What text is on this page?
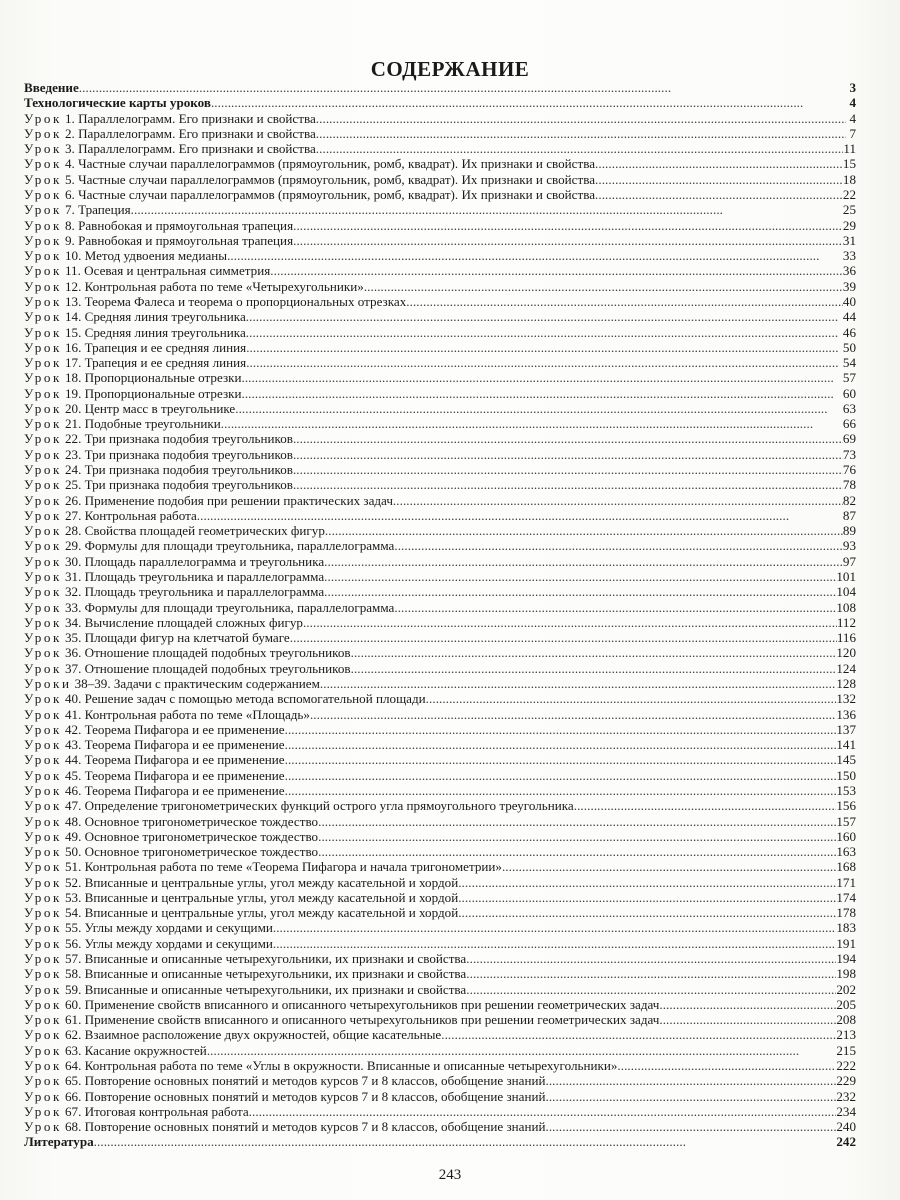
СОДЕРЖАНИЕ
Введение . . .	3
Технологические карты уроков . . .	4
Урок 1. Параллелограмм. Его признаки и свойства . . .	4
Урок 2. Параллелограмм. Его признаки и свойства . . .	7
Урок 3. Параллелограмм. Его признаки и свойства . . .	11
Урок 4. Частные случаи параллелограммов (прямоугольник, ромб, квадрат). Их признаки и свойства . . .	15
Урок 5. Частные случаи параллелограммов (прямоугольник, ромб, квадрат). Их признаки и свойства . . .	18
Урок 6. Частные случаи параллелограммов (прямоугольник, ромб, квадрат). Их признаки и свойства . . .	22
Урок 7. Трапеция . . .	25
Урок 8. Равнобокая и прямоугольная трапеция . . .	29
Урок 9. Равнобокая и прямоугольная трапеция . . .	31
Урок 10. Метод удвоения медианы . . .	33
Урок 11. Осевая и центральная симметрия . . .	36
Урок 12. Контрольная работа по теме «Четырехугольники» . . .	39
Урок 13. Теорема Фалеса и теорема о пропорциональных отрезках . . .	40
Урок 14. Средняя линия треугольника . . .	44
Урок 15. Средняя линия треугольника . . .	46
Урок 16. Трапеция и ее средняя линия . . .	50
Урок 17. Трапеция и ее средняя линия . . .	54
Урок 18. Пропорциональные отрезки . . .	57
Урок 19. Пропорциональные отрезки . . .	60
Урок 20. Центр масс в треугольнике . . .	63
Урок 21. Подобные треугольники . . .	66
Урок 22. Три признака подобия треугольников . . .	69
Урок 23. Три признака подобия треугольников . . .	73
Урок 24. Три признака подобия треугольников . . .	76
Урок 25. Три признака подобия треугольников . . .	78
Урок 26. Применение подобия при решении практических задач . . .	82
Урок 27. Контрольная работа . . .	87
Урок 28. Свойства площадей геометрических фигур . . .	89
Урок 29. Формулы для площади треугольника, параллелограмма . . .	93
Урок 30. Площадь параллелограмма и треугольника . . .	97
Урок 31. Площадь треугольника и параллелограмма . . .	101
Урок 32. Площадь треугольника и параллелограмма . . .	104
Урок 33. Формулы для площади треугольника, параллелограмма . . .	108
Урок 34. Вычисление площадей сложных фигур . . .	112
Урок 35. Площади фигур на клетчатой бумаге . . .	116
Урок 36. Отношение площадей подобных треугольников . . .	120
Урок 37. Отношение площадей подобных треугольников . . .	124
Уроки 38–39. Задачи с практическим содержанием . . .	128
Урок 40. Решение задач с помощью метода вспомогательной площади . . .	132
Урок 41. Контрольная работа по теме «Площадь» . . .	136
Урок 42. Теорема Пифагора и ее применение . . .	137
Урок 43. Теорема Пифагора и ее применение . . .	141
Урок 44. Теорема Пифагора и ее применение . . .	145
Урок 45. Теорема Пифагора и ее применение . . .	150
Урок 46. Теорема Пифагора и ее применение . . .	153
Урок 47. Определение тригонометрических функций острого угла прямоугольного треугольника . . .	156
Урок 48. Основное тригонометрическое тождество . . .	157
Урок 49. Основное тригонометрическое тождество . . .	160
Урок 50. Основное тригонометрическое тождество . . .	163
Урок 51. Контрольная работа по теме «Теорема Пифагора и начала тригонометрии» . . .	168
Урок 52. Вписанные и центральные углы, угол между касательной и хордой . . .	171
Урок 53. Вписанные и центральные углы, угол между касательной и хордой . . .	174
Урок 54. Вписанные и центральные углы, угол между касательной и хордой . . .	178
Урок 55. Углы между хордами и секущими . . .	183
Урок 56. Углы между хордами и секущими . . .	191
Урок 57. Вписанные и описанные четырехугольники, их признаки и свойства . . .	194
Урок 58. Вписанные и описанные четырехугольники, их признаки и свойства . . .	198
Урок 59. Вписанные и описанные четырехугольники, их признаки и свойства . . .	202
Урок 60. Применение свойств вписанного и описанного четырехугольников при решении геометрических задач . . .	205
Урок 61. Применение свойств вписанного и описанного четырехугольников при решении геометрических задач . . .	208
Урок 62. Взаимное расположение двух окружностей, общие касательные . . .	213
Урок 63. Касание окружностей . . .	215
Урок 64. Контрольная работа по теме «Углы в окружности. Вписанные и описанные четырехугольники» . . .	222
Урок 65. Повторение основных понятий и методов курсов 7 и 8 классов, обобщение знаний . . .	229
Урок 66. Повторение основных понятий и методов курсов 7 и 8 классов, обобщение знаний . . .	232
Урок 67. Итоговая контрольная работа . . .	234
Урок 68. Повторение основных понятий и методов курсов 7 и 8 классов, обобщение знаний . . .	240
Литература . . .	242
243
